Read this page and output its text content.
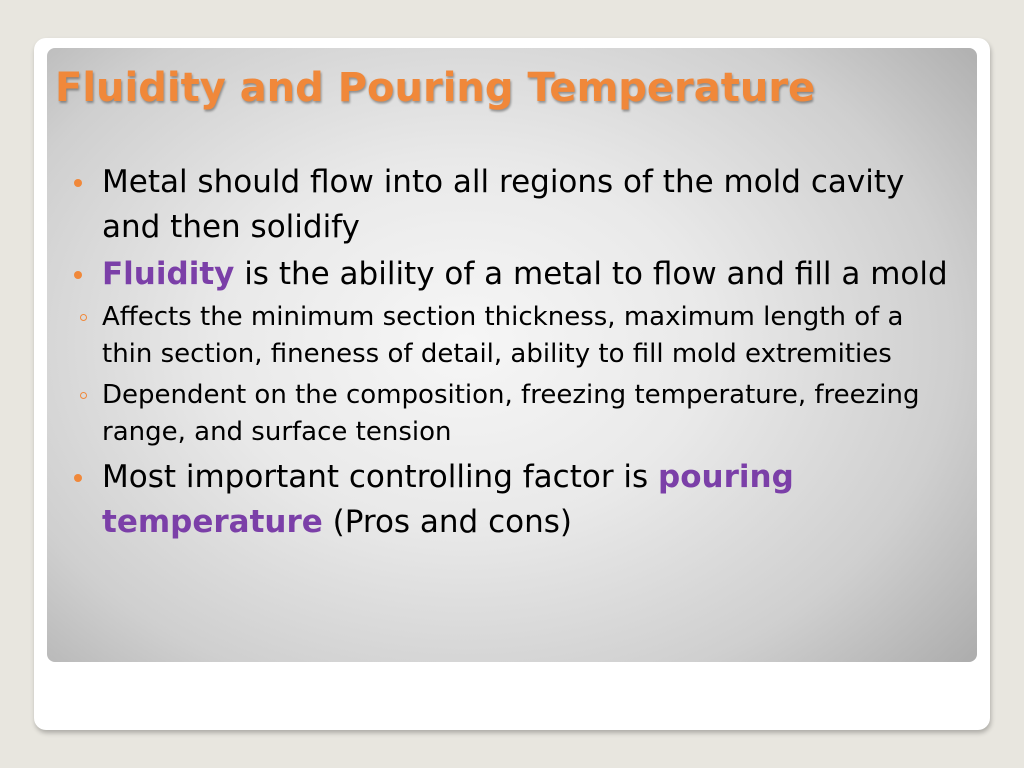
Fluidity and Pouring Temperature
Metal should flow into all regions of the mold cavity and then solidify
Fluidity is the ability of a metal to flow and fill a mold
Affects the minimum section thickness, maximum length of a thin section, fineness of detail, ability to fill mold extremities
Dependent on the composition, freezing temperature, freezing range, and surface tension
Most important controlling factor is pouring temperature (Pros and cons)
